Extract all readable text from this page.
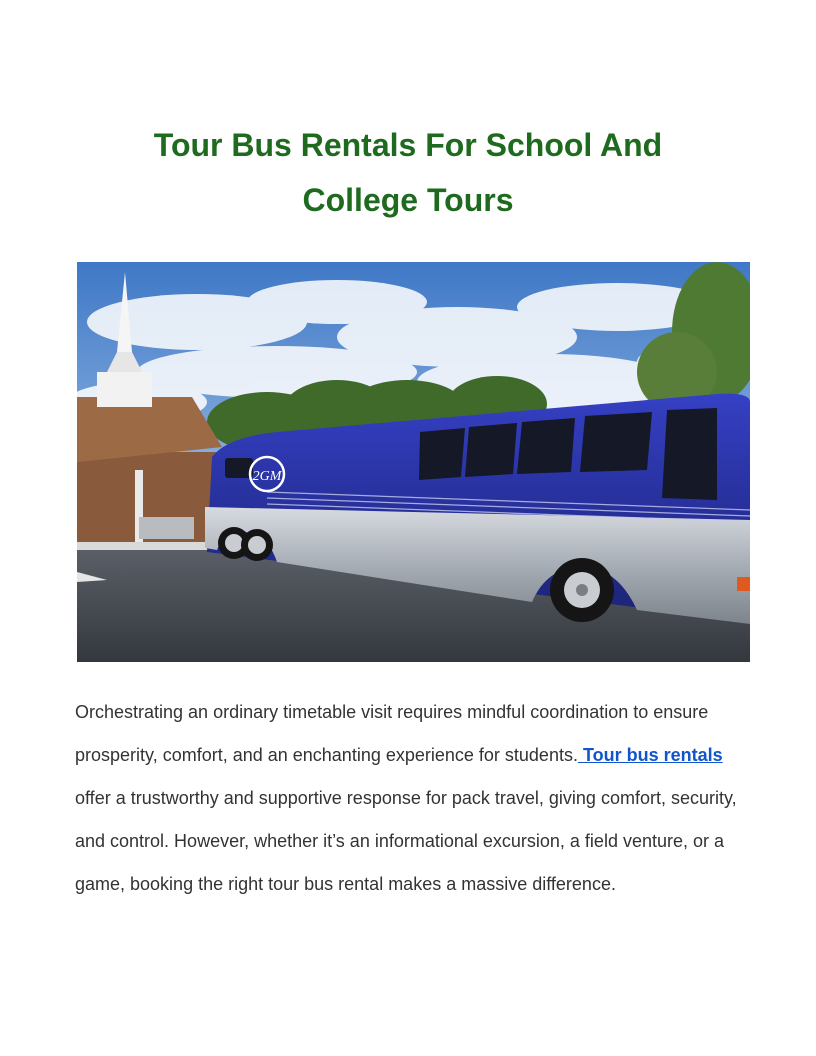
Tour Bus Rentals For School And College Tours
2GM

Orchestrating an ordinary timetable visit requires mindful coordination to ensure prosperity, comfort, and an enchanting experience for students. Tour bus rentals offer a trustworthy and supportive response for pack travel, giving comfort, security, and control. However, whether it’s an informational excursion, a field venture, or a game, booking the right tour bus rental makes a massive difference.
